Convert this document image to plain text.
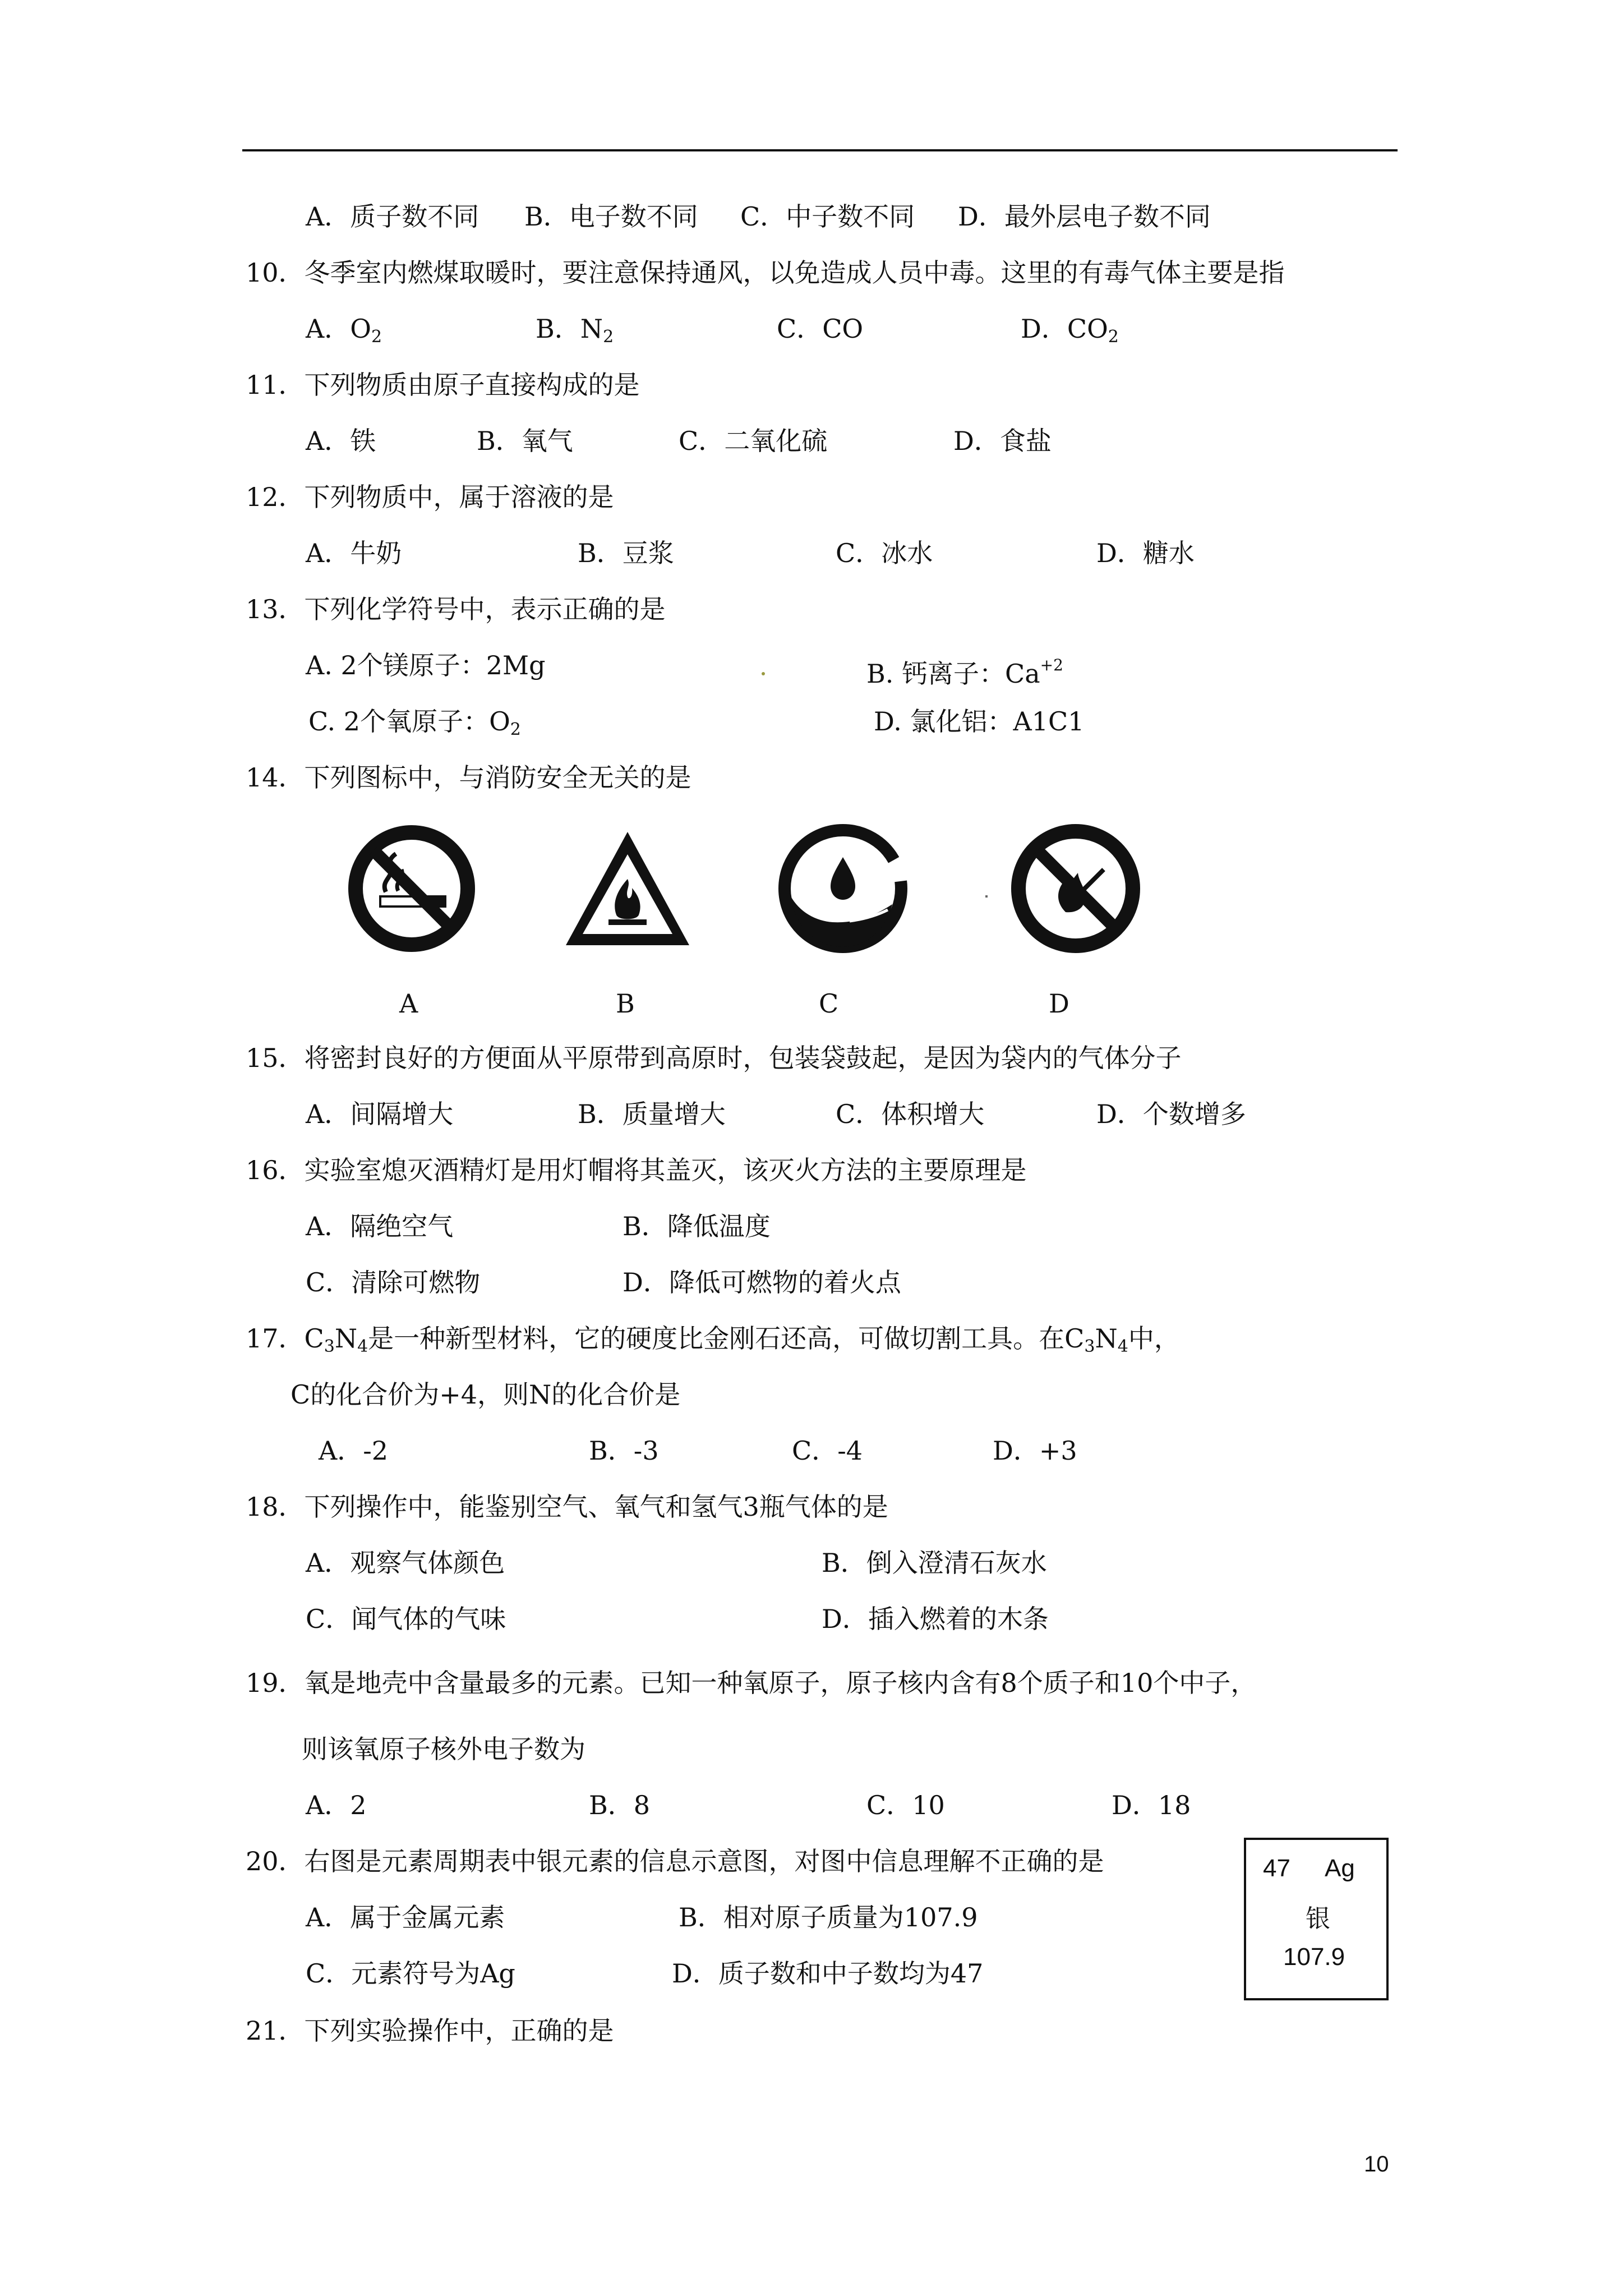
A．质子数不同 B．电子数不同 C．中子数不同 D．最外层电子数不同
10．冬季室内燃煤取暖时，要注意保持通风，以免造成人员中毒。这里的有毒气体主要是指
A．$O_2$	B．$N_2$	C．CO	D．$CO_2$
11．下列物质由原子直接构成的是
A．铁	B．氧气	C．二氧化硫	D．食盐
12．下列物质中，属于溶液的是
A．牛奶	B．豆浆	C．冰水	D．糖水
13．下列化学符号中，表示正确的是
A. 2个镁原子：2Mg	B. 钙离子：$Ca^{+2}$
C. 2个氧原子：$O_2$	D. 氯化铝：A1C1
14．下列图标中，与消防安全无关的是
A	B	C	D
15．将密封良好的方便面从平原带到高原时，包装袋鼓起，是因为袋内的气体分子
A．间隔增大	B．质量增大	C．体积增大	D．个数增多
16．实验室熄灭酒精灯是用灯帽将其盖灭，该灭火方法的主要原理是
A．隔绝空气	B．降低温度
C．清除可燃物	D．降低可燃物的着火点
17．$C_3N_4$是一种新型材料，它的硬度比金刚石还高，可做切割工具。在$C_3N_4$中，
C的化合价为+4，则N的化合价是
A．-2	B．-3	C．-4	D．+3
18．下列操作中，能鉴别空气、氧气和氢气3瓶气体的是
A．观察气体颜色	B．倒入澄清石灰水
C．闻气体的气味	D．插入燃着的木条
19．氧是地壳中含量最多的元素。已知一种氧原子，原子核内含有8个质子和10个中子，
则该氧原子核外电子数为
A．2	B．8	C．10	D．18
20．右图是元素周期表中银元素的信息示意图，对图中信息理解不正确的是
A．属于金属元素	B．相对原子质量为107.9
C．元素符号为Ag	D．质子数和中子数均为47
47 Ag
银
107.9
21．下列实验操作中，正确的是
10
